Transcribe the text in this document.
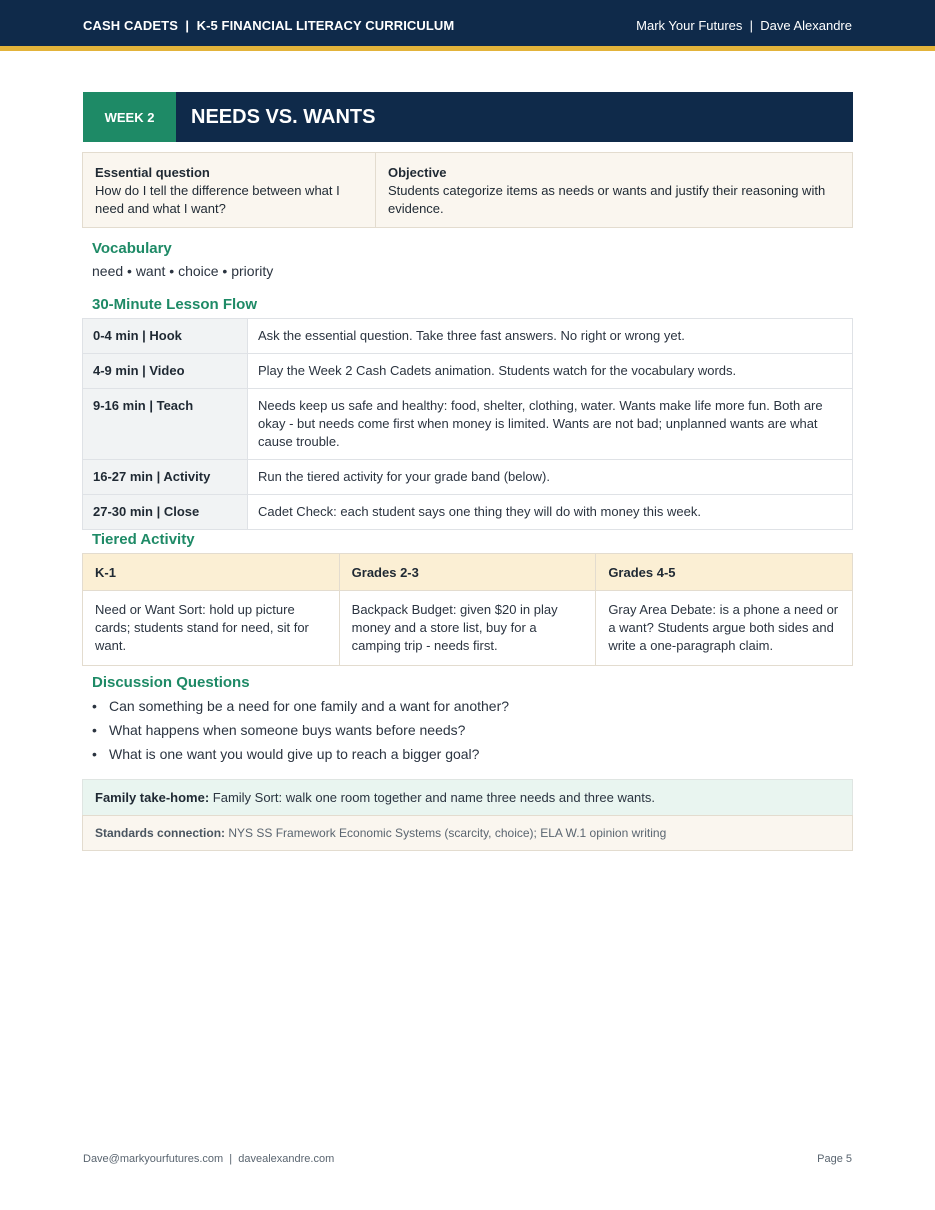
CASH CADETS  |  K-5 FINANCIAL LITERACY CURRICULUM	Mark Your Futures  |  Dave Alexandre
WEEK 2	NEEDS VS. WANTS
Essential question
How do I tell the difference between what I need and what I want?
Objective
Students categorize items as needs or wants and justify their reasoning with evidence.
Vocabulary
need • want • choice • priority
30-Minute Lesson Flow
0-4 min | Hook	Ask the essential question. Take three fast answers. No right or wrong yet.
4-9 min | Video	Play the Week 2 Cash Cadets animation. Students watch for the vocabulary words.
9-16 min | Teach	Needs keep us safe and healthy: food, shelter, clothing, water. Wants make life more fun. Both are okay - but needs come first when money is limited. Wants are not bad; unplanned wants are what cause trouble.
16-27 min | Activity	Run the tiered activity for your grade band (below).
27-30 min | Close	Cadet Check: each student says one thing they will do with money this week.
Tiered Activity
K-1	Grades 2-3	Grades 4-5
Need or Want Sort: hold up picture cards; students stand for need, sit for want.	Backpack Budget: given $20 in play money and a store list, buy for a camping trip - needs first.	Gray Area Debate: is a phone a need or a want? Students argue both sides and write a one-paragraph claim.
Discussion Questions
• Can something be a need for one family and a want for another?
• What happens when someone buys wants before needs?
• What is one want you would give up to reach a bigger goal?
Family take-home: Family Sort: walk one room together and name three needs and three wants.
Standards connection: NYS SS Framework Economic Systems (scarcity, choice); ELA W.1 opinion writing
Dave@markyourfutures.com  |  davealexandre.com	Page 5
